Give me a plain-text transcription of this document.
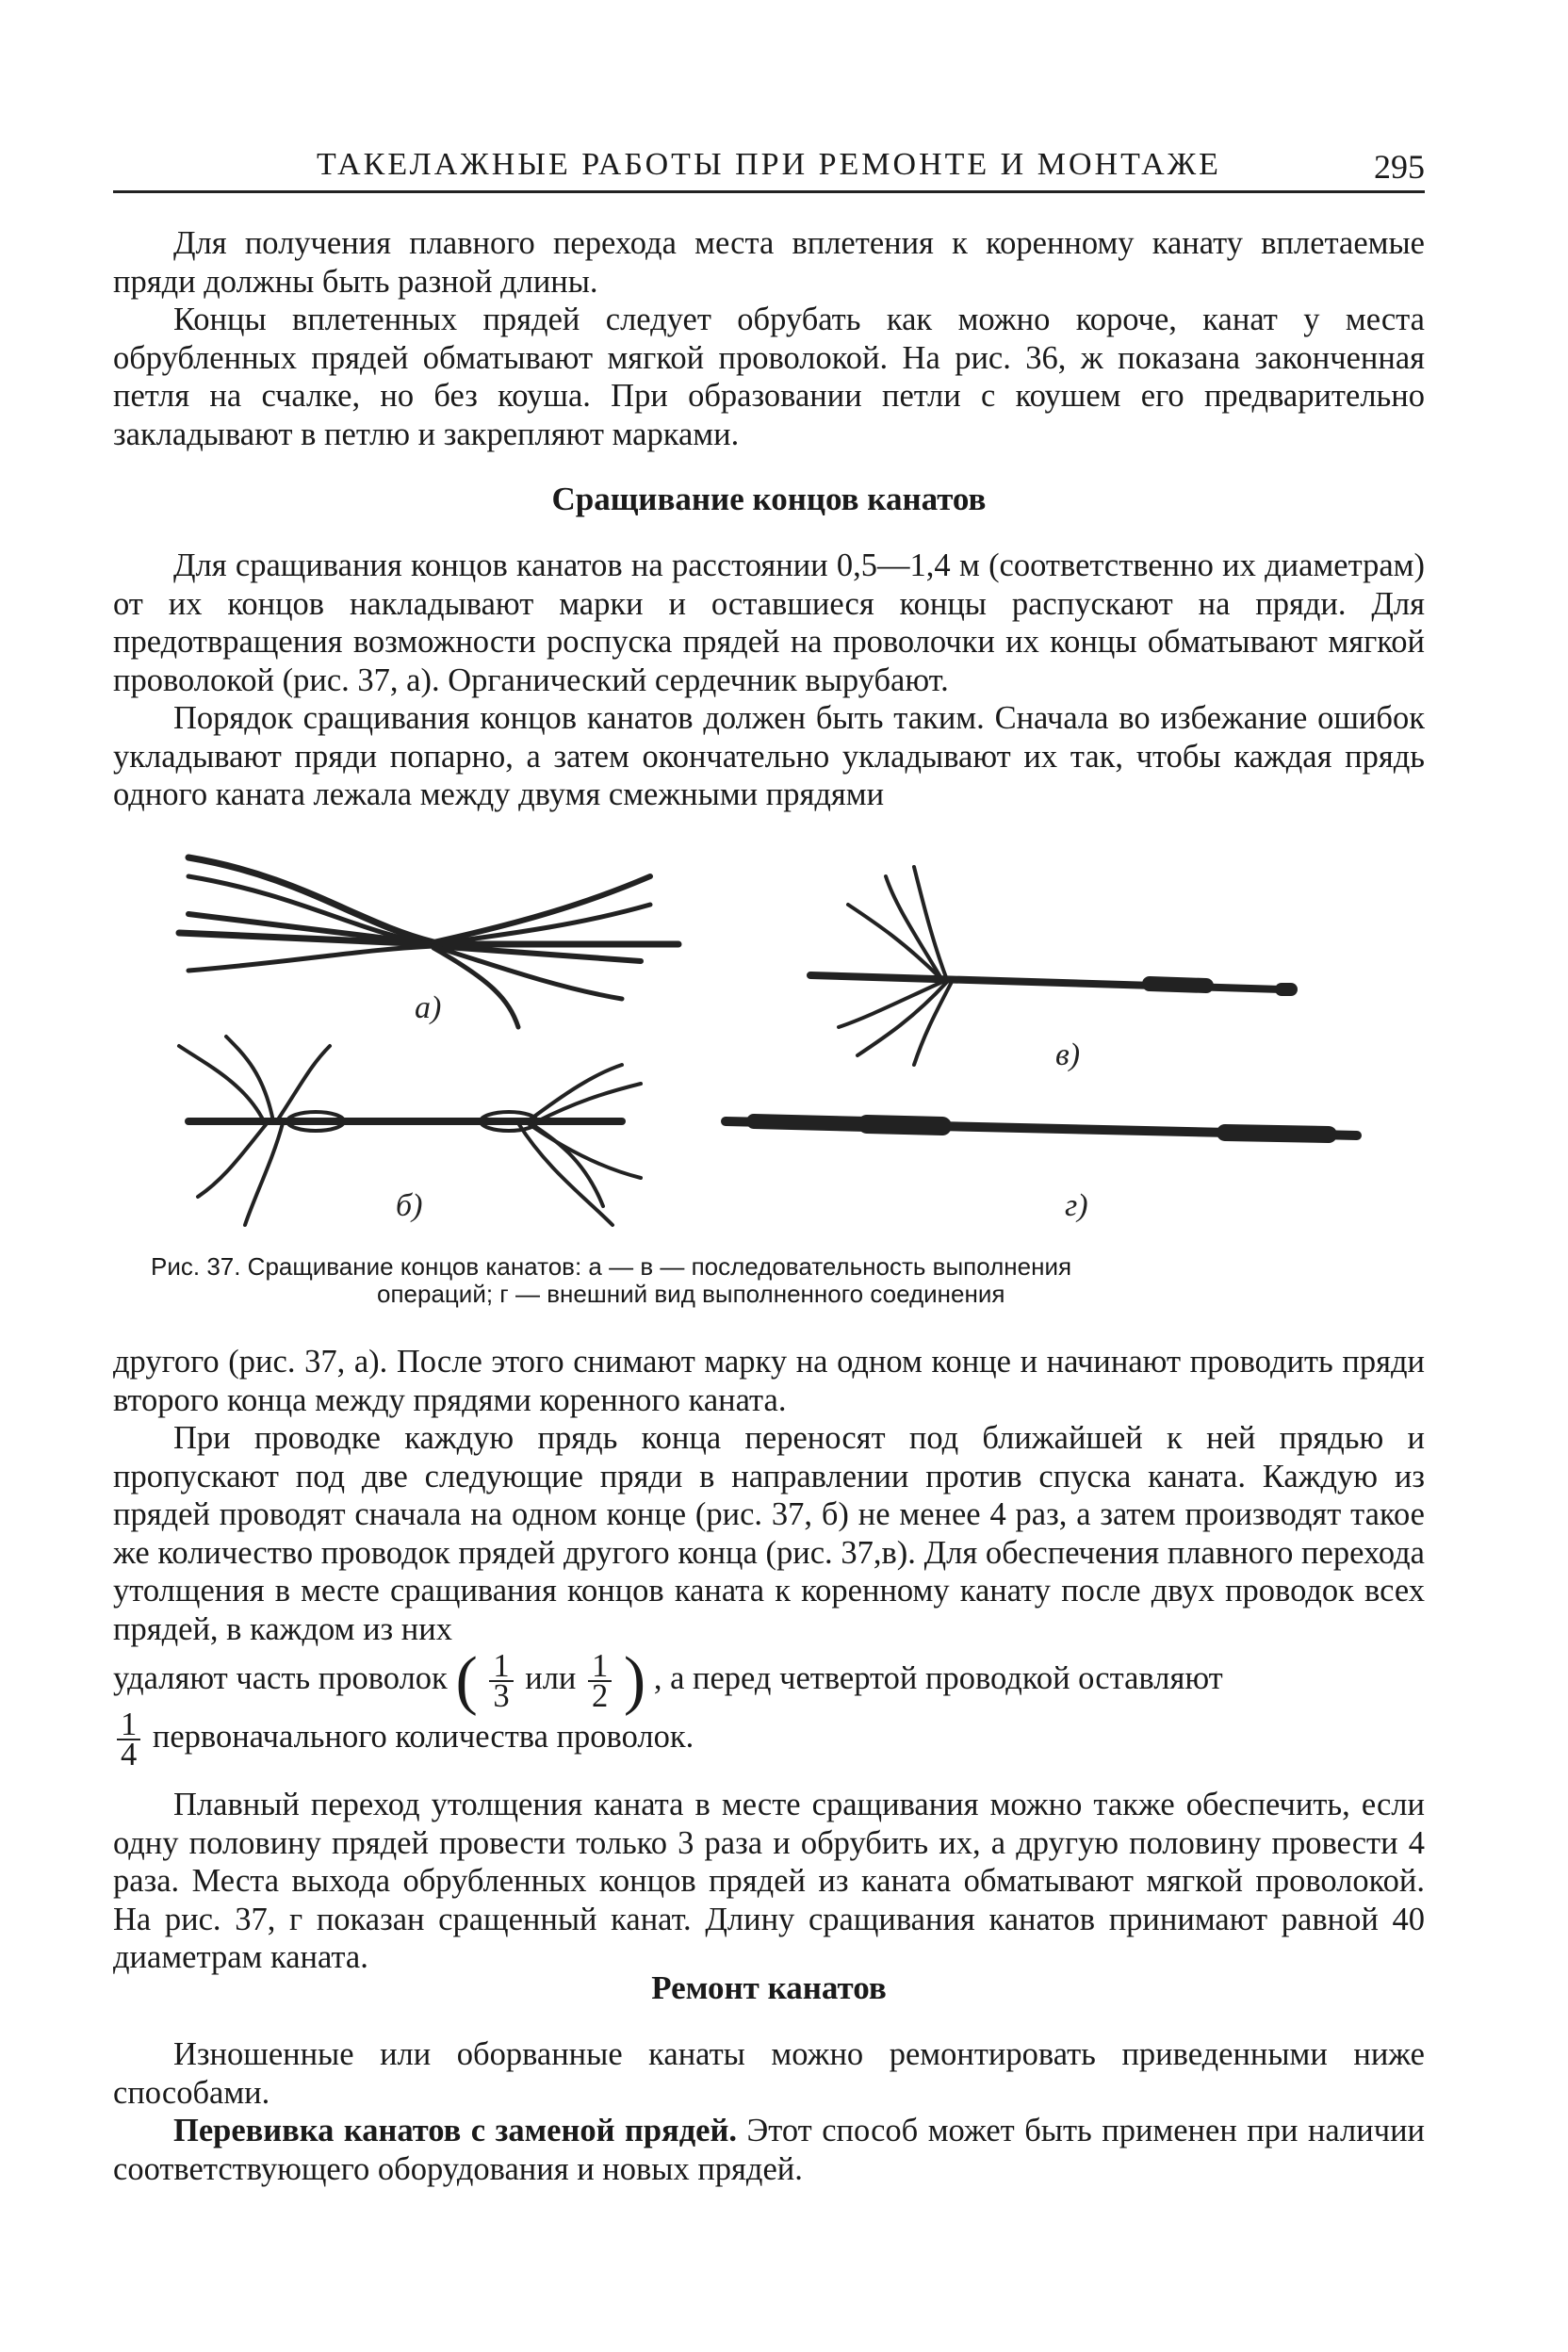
ТАКЕЛАЖНЫЕ РАБОТЫ ПРИ РЕМОНТЕ И МОНТАЖЕ	295

Для получения плавного перехода места вплетения к коренному канату вплетаемые пряди должны быть разной длины.

Концы вплетенных прядей следует обрубать как можно короче, канат у места обрубленных прядей обматывают мягкой проволокой. На рис. 36, ж показана законченная петля на счалке, но без коуша. При образовании петли с коушем его предварительно закладывают в петлю и закрепляют марками.

Сращивание концов канатов

Для сращивания концов канатов на расстоянии 0,5—1,4 м (соответственно их диаметрам) от их концов накладывают марки и оставшиеся концы распускают на пряди. Для предотвращения возможности роспуска прядей на проволочки их концы обматывают мягкой проволокой (рис. 37, а). Органический сердечник вырубают.

Порядок сращивания концов канатов должен быть таким. Сначала во избежание ошибок укладывают пряди попарно, а затем окончательно укладывают их так, чтобы каждая прядь одного каната лежала между двумя смежными прядями

а)
б)
в)
г)
Рис. 37. Сращивание концов канатов: а — в — последовательность выполнения
операций; г — внешний вид выполненного соединения

другого (рис. 37, а). После этого снимают марку на одном конце и начинают проводить пряди второго конца между прядями коренного каната.

При проводке каждую прядь конца переносят под ближайшей к ней прядью и пропускают под две следующие пряди в направлении против спуска каната. Каждую из прядей проводят сначала на одном конце (рис. 37, б) не менее 4 раз, а затем производят такое же количество проводок прядей другого конца (рис. 37,в). Для обеспечения плавного перехода утолщения в месте сращивания концов каната к коренному канату после двух проводок всех прядей, в каждом из них

удаляют часть проволок ( $\frac{1}{3}$ или $\frac{1}{2}$ ) , а перед четвертой проводкой оставляют
$\frac{1}{4}$ первоначального количества проволок.

Плавный переход утолщения каната в месте сращивания можно также обеспечить, если одну половину прядей провести только 3 раза и обрубить их, а другую половину провести 4 раза. Места выхода обрубленных концов прядей из каната обматывают мягкой проволокой. На рис. 37, г показан сращенный канат. Длину сращивания канатов принимают равной 40 диаметрам каната.

Ремонт канатов

Изношенные или оборванные канаты можно ремонтировать приведенными ниже способами.

Перевивка канатов с заменой прядей. Этот способ может быть применен при наличии соответствующего оборудования и новых прядей.
